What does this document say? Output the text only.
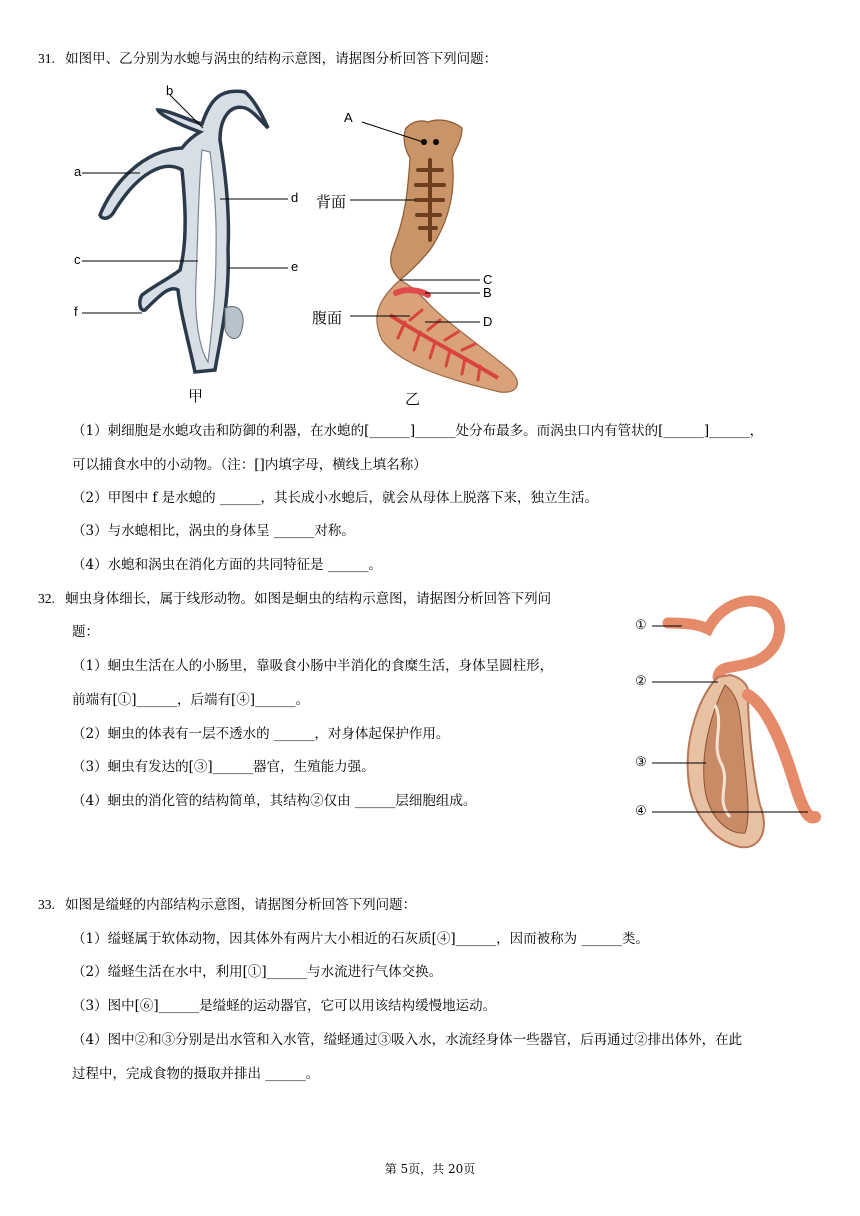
31. 如图甲、乙分别为水螅与涡虫的结构示意图，请据图分析回答下列问题：
a
b
c
d
e
f
甲
A
背面
C
B
腹面	D
乙
（1）刺细胞是水螅攻击和防御的利器，在水螅的[______]______处分布最多。而涡虫口内有管状的[______]______，
可以捕食水中的小动物。（注：[]内填字母，横线上填名称）
（2）甲图中 f 是水螅的 ______，其长成小水螅后，就会从母体上脱落下来，独立生活。
（3）与水螅相比，涡虫的身体呈 ______对称。
（4）水螅和涡虫在消化方面的共同特征是 ______。
32. 蛔虫身体细长，属于线形动物。如图是蛔虫的结构示意图，请据图分析回答下列问
题：
（1）蛔虫生活在人的小肠里，靠吸食小肠中半消化的食糜生活，身体呈圆柱形，
前端有[①]______，后端有[④]______。
（2）蛔虫的体表有一层不透水的 ______，对身体起保护作用。
（3）蛔虫有发达的[③]______器官，生殖能力强。
（4）蛔虫的消化管的结构简单，其结构②仅由 ______层细胞组成。
①
②
③
④
33. 如图是缢蛏的内部结构示意图，请据图分析回答下列问题：
（1）缢蛏属于软体动物，因其体外有两片大小相近的石灰质[④]______，因而被称为 ______类。
（2）缢蛏生活在水中，利用[①]______与水流进行气体交换。
（3）图中[⑥]______是缢蛏的运动器官，它可以用该结构缓慢地运动。
（4）图中②和③分别是出水管和入水管，缢蛏通过③吸入水，水流经身体一些器官，后再通过②排出体外，在此
过程中，完成食物的摄取并排出 ______。
第 5页，共 20页
